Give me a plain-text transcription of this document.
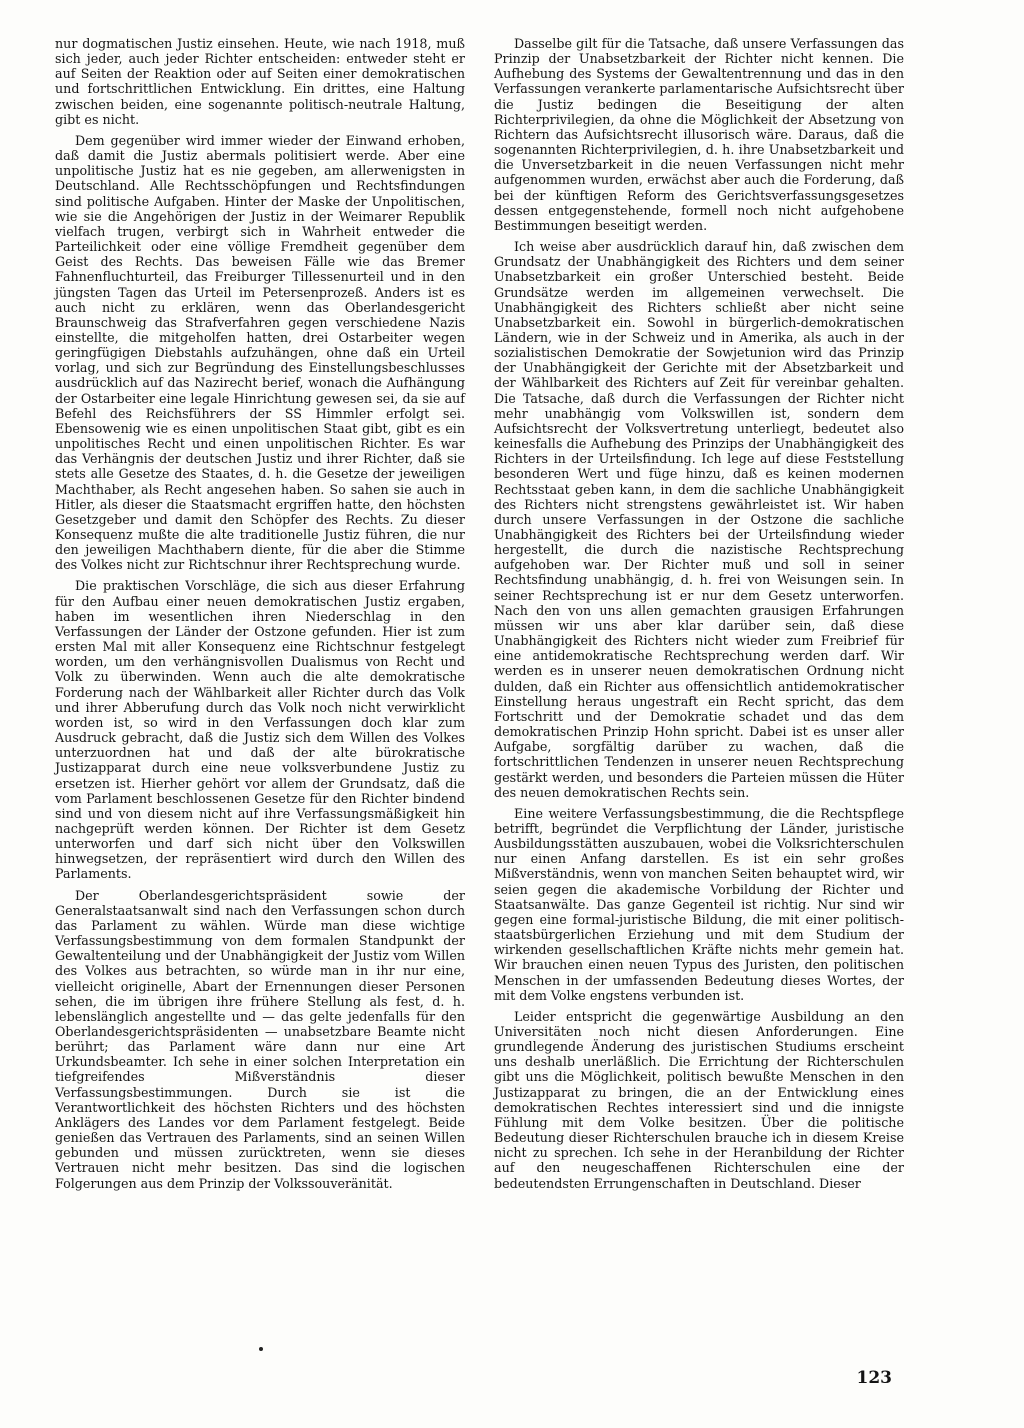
nur dogmatischen Justiz einsehen. Heute, wie nach 1918, muß sich jeder, auch jeder Richter entscheiden: entweder steht er auf Seiten der Reaktion oder auf Seiten einer demokratischen und fortschrittlichen Entwicklung. Ein drittes, eine Haltung zwischen beiden, eine sogenannte politisch-neutrale Haltung, gibt es nicht.

Dem gegenüber wird immer wieder der Einwand erhoben, daß damit die Justiz abermals politisiert werde. Aber eine unpolitische Justiz hat es nie gegeben, am allerwenigsten in Deutschland. Alle Rechtsschöpfungen und Rechtsfindungen sind politische Aufgaben. Hinter der Maske der Unpolitischen, wie sie die Angehörigen der Justiz in der Weimarer Republik vielfach trugen, verbirgt sich in Wahrheit entweder die Parteilichkeit oder eine völlige Fremdheit gegenüber dem Geist des Rechts. Das beweisen Fälle wie das Bremer Fahnenfluchturteil, das Freiburger Tillessenurteil und in den jüngsten Tagen das Urteil im Petersenprozeß. Anders ist es auch nicht zu erklären, wenn das Oberlandesgericht Braunschweig das Strafverfahren gegen verschiedene Nazis einstellte, die mitgeholfen hatten, drei Ostarbeiter wegen geringfügigen Diebstahls aufzuhängen, ohne daß ein Urteil vorlag, und sich zur Begründung des Einstellungsbeschlusses ausdrücklich auf das Nazirecht berief, wonach die Aufhängung der Ostarbeiter eine legale Hinrichtung gewesen sei, da sie auf Befehl des Reichsführers der SS Himmler erfolgt sei. Ebensowenig wie es einen unpolitischen Staat gibt, gibt es ein unpolitisches Recht und einen unpolitischen Richter. Es war das Verhängnis der deutschen Justiz und ihrer Richter, daß sie stets alle Gesetze des Staates, d. h. die Gesetze der jeweiligen Machthaber, als Recht angesehen haben. So sahen sie auch in Hitler, als dieser die Staatsmacht ergriffen hatte, den höchsten Gesetzgeber und damit den Schöpfer des Rechts. Zu dieser Konsequenz mußte die alte traditionelle Justiz führen, die nur den jeweiligen Machthabern diente, für die aber die Stimme des Volkes nicht zur Richtschnur ihrer Rechtsprechung wurde.

Die praktischen Vorschläge, die sich aus dieser Erfahrung für den Aufbau einer neuen demokratischen Justiz ergaben, haben im wesentlichen ihren Niederschlag in den Verfassungen der Länder der Ostzone gefunden. Hier ist zum ersten Mal mit aller Konsequenz eine Richtschnur festgelegt worden, um den verhängnisvollen Dualismus von Recht und Volk zu überwinden. Wenn auch die alte demokratische Forderung nach der Wählbarkeit aller Richter durch das Volk und ihrer Abberufung durch das Volk noch nicht verwirklicht worden ist, so wird in den Verfassungen doch klar zum Ausdruck gebracht, daß die Justiz sich dem Willen des Volkes unterzuordnen hat und daß der alte bürokratische Justizapparat durch eine neue volksverbundene Justiz zu ersetzen ist. Hierher gehört vor allem der Grundsatz, daß die vom Parlament beschlossenen Gesetze für den Richter bindend sind und von diesem nicht auf ihre Verfassungsmäßigkeit hin nachgeprüft werden können. Der Richter ist dem Gesetz unterworfen und darf sich nicht über den Volkswillen hinwegsetzen, der repräsentiert wird durch den Willen des Parlaments.

Der Oberlandesgerichtspräsident sowie der Generalstaatsanwalt sind nach den Verfassungen schon durch das Parlament zu wählen. Würde man diese wichtige Verfassungsbestimmung von dem formalen Standpunkt der Gewaltenteilung und der Unabhängigkeit der Justiz vom Willen des Volkes aus betrachten, so würde man in ihr nur eine, vielleicht originelle, Abart der Ernennungen dieser Personen sehen, die im übrigen ihre frühere Stellung als fest, d. h. lebenslänglich angestellte und — das gelte jedenfalls für den Oberlandesgerichtspräsidenten — unabsetzbare Beamte nicht berührt; das Parlament wäre dann nur eine Art Urkundsbeamter. Ich sehe in einer solchen Interpretation ein tiefgreifendes Mißverständnis dieser Verfassungsbestimmungen. Durch sie ist die Verantwortlichkeit des höchsten Richters und des höchsten Anklägers des Landes vor dem Parlament festgelegt. Beide genießen das Vertrauen des Parlaments, sind an seinen Willen gebunden und müssen zurücktreten, wenn sie dieses Vertrauen nicht mehr besitzen. Das sind die logischen Folgerungen aus dem Prinzip der Volkssouveränität.

Dasselbe gilt für die Tatsache, daß unsere Verfassungen das Prinzip der Unabsetzbarkeit der Richter nicht kennen. Die Aufhebung des Systems der Gewaltentrennung und das in den Verfassungen verankerte parlamentarische Aufsichtsrecht über die Justiz bedingen die Beseitigung der alten Richterprivilegien, da ohne die Möglichkeit der Absetzung von Richtern das Aufsichtsrecht illusorisch wäre. Daraus, daß die sogenannten Richterprivilegien, d. h. ihre Unabsetzbarkeit und die Unversetzbarkeit in die neuen Verfassungen nicht mehr aufgenommen wurden, erwächst aber auch die Forderung, daß bei der künftigen Reform des Gerichtsverfassungsgesetzes dessen entgegenstehende, formell noch nicht aufgehobene Bestimmungen beseitigt werden.

Ich weise aber ausdrücklich darauf hin, daß zwischen dem Grundsatz der Unabhängigkeit des Richters und dem seiner Unabsetzbarkeit ein großer Unterschied besteht. Beide Grundsätze werden im allgemeinen verwechselt. Die Unabhängigkeit des Richters schließt aber nicht seine Unabsetzbarkeit ein. Sowohl in bürgerlich-demokratischen Ländern, wie in der Schweiz und in Amerika, als auch in der sozialistischen Demokratie der Sowjetunion wird das Prinzip der Unabhängigkeit der Gerichte mit der Absetzbarkeit und der Wählbarkeit des Richters auf Zeit für vereinbar gehalten. Die Tatsache, daß durch die Verfassungen der Richter nicht mehr unabhängig vom Volkswillen ist, sondern dem Aufsichtsrecht der Volksvertretung unterliegt, bedeutet also keinesfalls die Aufhebung des Prinzips der Unabhängigkeit des Richters in der Urteilsfindung. Ich lege auf diese Feststellung besonderen Wert und füge hinzu, daß es keinen modernen Rechtsstaat geben kann, in dem die sachliche Unabhängigkeit des Richters nicht strengstens gewährleistet ist. Wir haben durch unsere Verfassungen in der Ostzone die sachliche Unabhängigkeit des Richters bei der Urteilsfindung wieder hergestellt, die durch die nazistische Rechtsprechung aufgehoben war. Der Richter muß und soll in seiner Rechtsfindung unabhängig, d. h. frei von Weisungen sein. In seiner Rechtsprechung ist er nur dem Gesetz unterworfen. Nach den von uns allen gemachten grausigen Erfahrungen müssen wir uns aber klar darüber sein, daß diese Unabhängigkeit des Richters nicht wieder zum Freibrief für eine antidemokratische Rechtsprechung werden darf. Wir werden es in unserer neuen demokratischen Ordnung nicht dulden, daß ein Richter aus offensichtlich antidemokratischer Einstellung heraus ungestraft ein Recht spricht, das dem Fortschritt und der Demokratie schadet und das dem demokratischen Prinzip Hohn spricht. Dabei ist es unser aller Aufgabe, sorgfältig darüber zu wachen, daß die fortschrittlichen Tendenzen in unserer neuen Rechtsprechung gestärkt werden, und besonders die Parteien müssen die Hüter des neuen demokratischen Rechts sein.

Eine weitere Verfassungsbestimmung, die die Rechtspflege betrifft, begründet die Verpflichtung der Länder, juristische Ausbildungsstätten auszubauen, wobei die Volksrichterschulen nur einen Anfang darstellen. Es ist ein sehr großes Mißverständnis, wenn von manchen Seiten behauptet wird, wir seien gegen die akademische Vorbildung der Richter und Staatsanwälte. Das ganze Gegenteil ist richtig. Nur sind wir gegen eine formal-juristische Bildung, die mit einer politisch-staatsbürgerlichen Erziehung und mit dem Studium der wirkenden gesellschaftlichen Kräfte nichts mehr gemein hat. Wir brauchen einen neuen Typus des Juristen, den politischen Menschen in der umfassenden Bedeutung dieses Wortes, der mit dem Volke engstens verbunden ist.

Leider entspricht die gegenwärtige Ausbildung an den Universitäten noch nicht diesen Anforderungen. Eine grundlegende Änderung des juristischen Studiums erscheint uns deshalb unerläßlich. Die Errichtung der Richterschulen gibt uns die Möglichkeit, politisch bewußte Menschen in den Justizapparat zu bringen, die an der Entwicklung eines demokratischen Rechtes interessiert sind und die innigste Fühlung mit dem Volke besitzen. Über die politische Bedeutung dieser Richterschulen brauche ich in diesem Kreise nicht zu sprechen. Ich sehe in der Heranbildung der Richter auf den neugeschaffenen Richterschulen eine der bedeutendsten Errungenschaften in Deutschland. Dieser

123
